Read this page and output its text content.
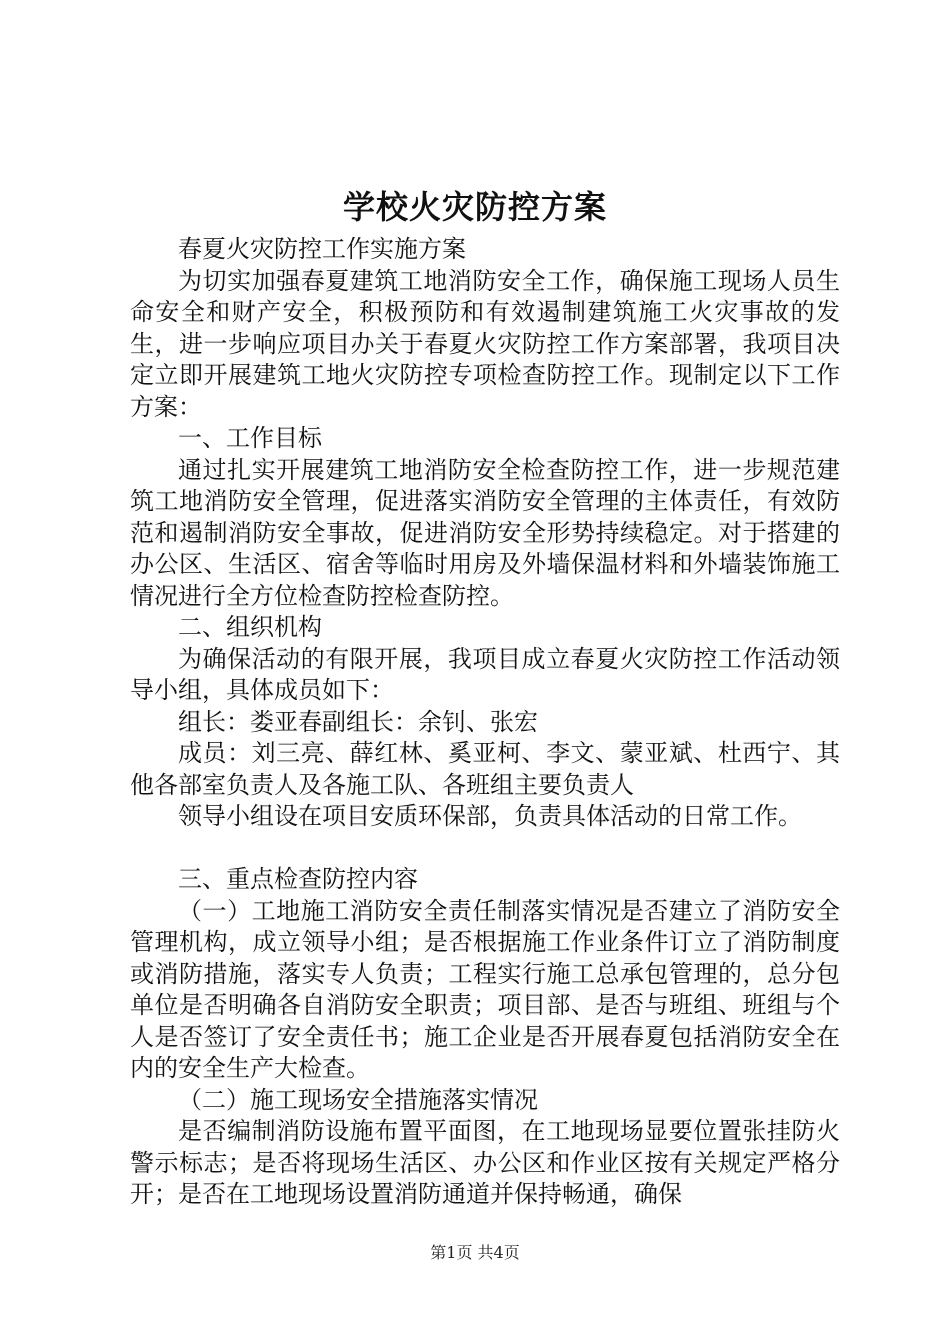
学校火灾防控方案

春夏火灾防控工作实施方案

为切实加强春夏建筑工地消防安全工作，确保施工现场人员生命安全和财产安全，积极预防和有效遏制建筑施工火灾事故的发生，进一步响应项目办关于春夏火灾防控工作方案部署，我项目决定立即开展建筑工地火灾防控专项检查防控工作。现制定以下工作方案：

一、工作目标

通过扎实开展建筑工地消防安全检查防控工作，进一步规范建筑工地消防安全管理，促进落实消防安全管理的主体责任，有效防范和遏制消防安全事故，促进消防安全形势持续稳定。对于搭建的办公区、生活区、宿舍等临时用房及外墙保温材料和外墙装饰施工情况进行全方位检查防控检查防控。

二、组织机构

为确保活动的有限开展，我项目成立春夏火灾防控工作活动领导小组，具体成员如下：

组长：娄亚春副组长：余钊、张宏

成员：刘三亮、薛红林、奚亚柯、李文、蒙亚斌、杜西宁、其他各部室负责人及各施工队、各班组主要负责人

领导小组设在项目安质环保部，负责具体活动的日常工作。

三、重点检查防控内容

（一）工地施工消防安全责任制落实情况是否建立了消防安全管理机构，成立领导小组；是否根据施工作业条件订立了消防制度或消防措施，落实专人负责；工程实行施工总承包管理的，总分包单位是否明确各自消防安全职责；项目部、是否与班组、班组与个人是否签订了安全责任书；施工企业是否开展春夏包括消防安全在内的安全生产大检查。

（二）施工现场安全措施落实情况

是否编制消防设施布置平面图，在工地现场显要位置张挂防火警示标志；是否将现场生活区、办公区和作业区按有关规定严格分开；是否在工地现场设置消防通道并保持畅通，确保

第1页 共4页
